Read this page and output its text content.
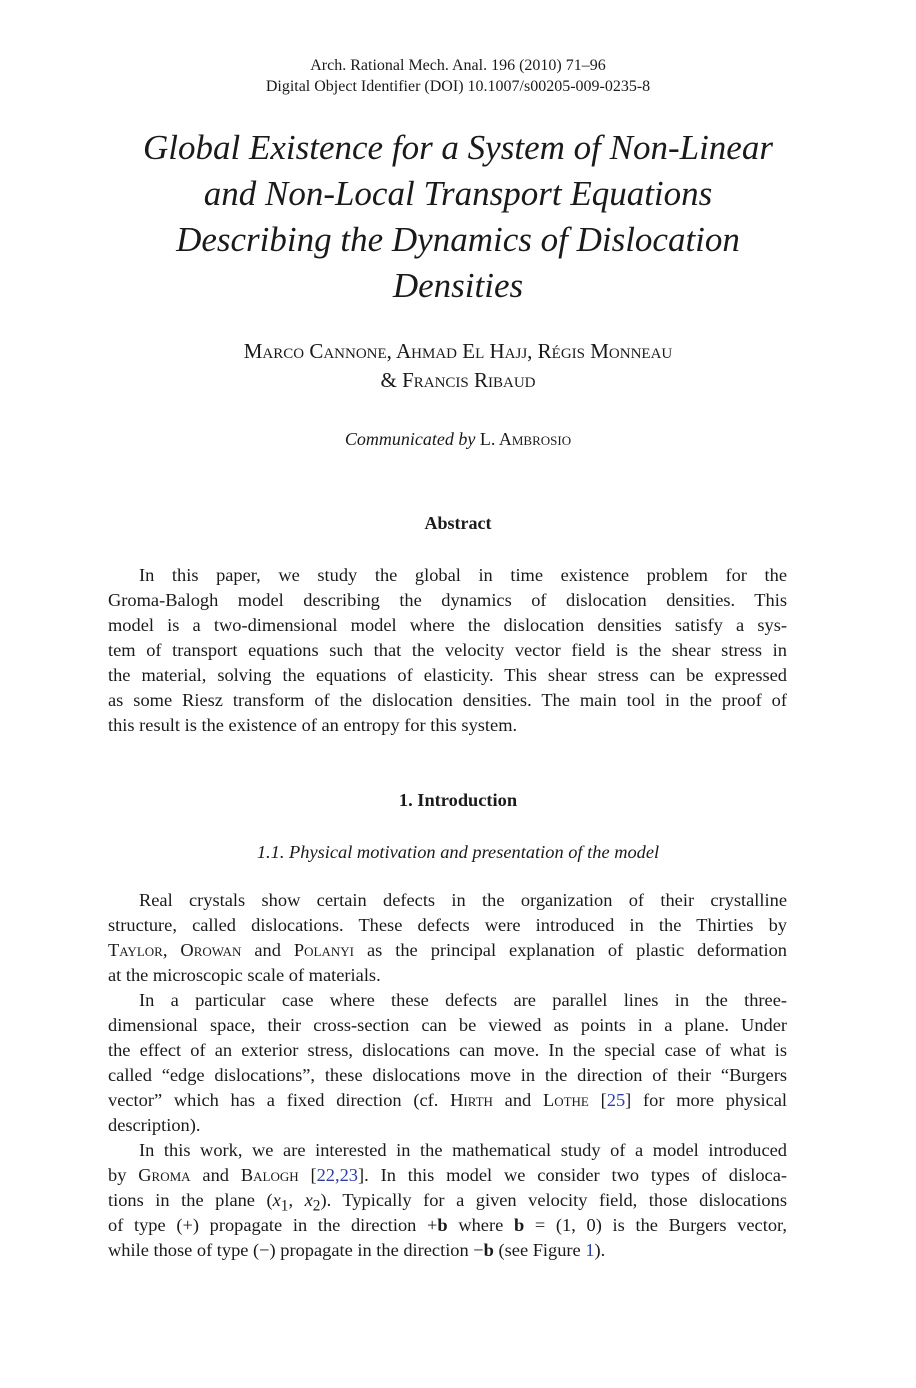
Arch. Rational Mech. Anal. 196 (2010) 71–96
Digital Object Identifier (DOI) 10.1007/s00205-009-0235-8
Global Existence for a System of Non-Linear
and Non-Local Transport Equations
Describing the Dynamics of Dislocation
Densities
Marco Cannone, Ahmad El Hajj, Régis Monneau
& Francis Ribaud
Communicated by L. Ambrosio
Abstract
In this paper, we study the global in time existence problem for the
Groma-Balogh model describing the dynamics of dislocation densities. This
model is a two-dimensional model where the dislocation densities satisfy a sys-
tem of transport equations such that the velocity vector field is the shear stress in
the material, solving the equations of elasticity. This shear stress can be expressed
as some Riesz transform of the dislocation densities. The main tool in the proof of
this result is the existence of an entropy for this system.
1. Introduction
1.1. Physical motivation and presentation of the model
Real crystals show certain defects in the organization of their crystalline
structure, called dislocations. These defects were introduced in the Thirties by
Taylor, Orowan and Polanyi as the principal explanation of plastic deformation
at the microscopic scale of materials.
In a particular case where these defects are parallel lines in the three-
dimensional space, their cross-section can be viewed as points in a plane. Under
the effect of an exterior stress, dislocations can move. In the special case of what is
called “edge dislocations”, these dislocations move in the direction of their “Burgers
vector” which has a fixed direction (cf. Hirth and Lothe [25] for more physical
description).
In this work, we are interested in the mathematical study of a model introduced
by Groma and Balogh [22,23]. In this model we consider two types of disloca-
tions in the plane ($x_1$, $x_2$). Typically for a given velocity field, those dislocations
of type (+) propagate in the direction +b where b = (1, 0) is the Burgers vector,
while those of type (−) propagate in the direction −b (see Figure 1).
